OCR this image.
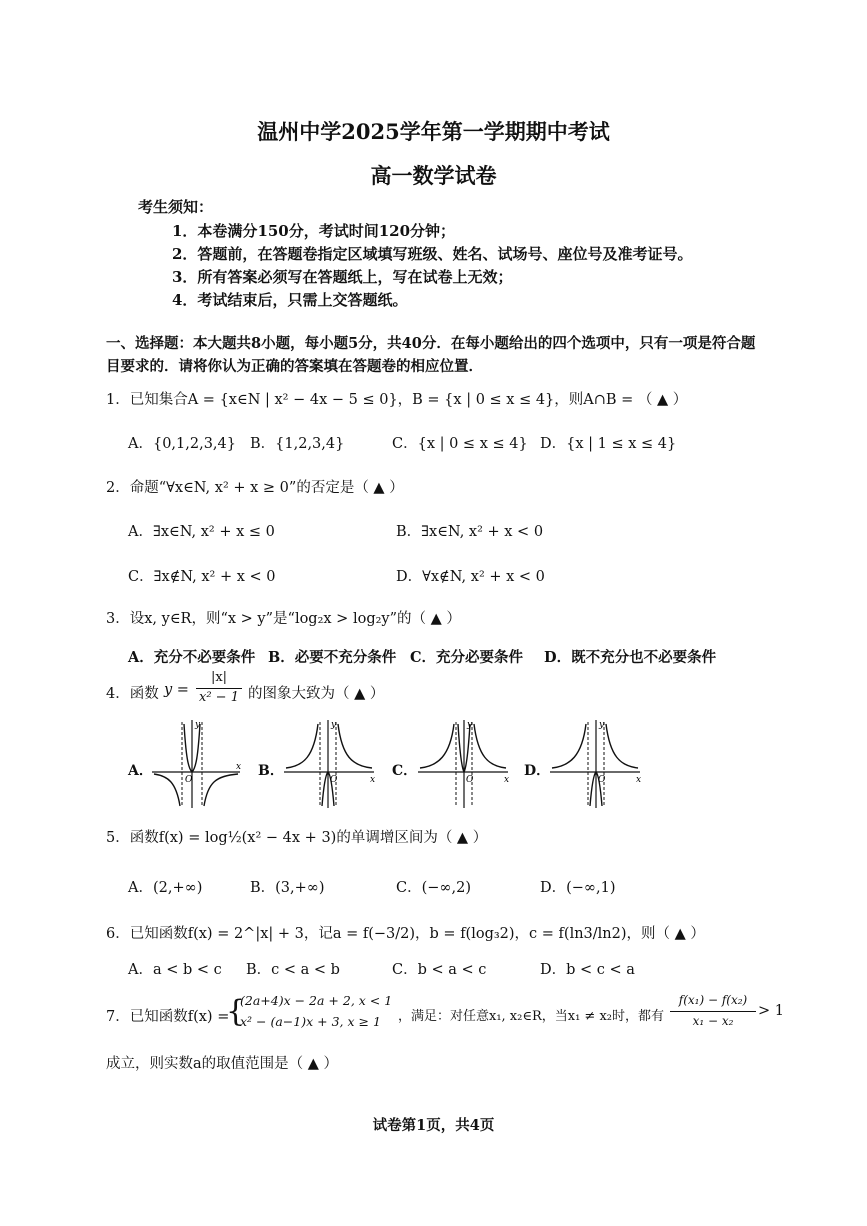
温州中学2025学年第一学期期中考试
高一数学试卷
考生须知：
1．本卷满分150分，考试时间120分钟；
2．答题前，在答题卷指定区域填写班级、姓名、试场号、座位号及准考证号。
3．所有答案必须写在答题纸上，写在试卷上无效；
4．考试结束后，只需上交答题纸。
一、选择题：本大题共8小题，每小题5分，共40分．在每小题给出的四个选项中，只有一项是符合题
目要求的．请将你认为正确的答案填在答题卷的相应位置．
1．已知集合A = {x∈N | x² − 4x − 5 ≤ 0}，B = {x | 0 ≤ x ≤ 4}，则A∩B = （ ▲ ）
A．{0,1,2,3,4} B．{1,2,3,4}	C．{x | 0 ≤ x ≤ 4} D．{x | 1 ≤ x ≤ 4}
2．命题“∀x∈N, x² + x ≥ 0”的否定是（ ▲ ）
A．∃x∈N, x² + x ≤ 0	B．∃x∈N, x² + x < 0
C．∃x∉N, x² + x < 0	D．∀x∉N, x² + x < 0
3．设x, y∈R，则“x > y”是“log₂x > log₂y”的（ ▲ ）
A．充分不必要条件 B．必要不充分条件 C．充分必要条件 D．既不充分也不必要条件
4．函数 y =
|x|
x² − 1 的图象大致为（ ▲ ）
A．	x
y
O
B．
x
y
O
C．
x
y
O
D．
x
y
O
5．函数f(x) = log½(x² − 4x + 3)的单调增区间为（ ▲ ）
A．(2,+∞)	B．(3,+∞)	C．(−∞,2)	D．(−∞,1)
6．已知函数f(x) = 2^|x| + 3，记a = f(−3/2)，b = f(log₃2)，c = f(ln3/ln2)，则（ ▲ ）
A．a < b < c B．c < a < b	C．b < a < c	D．b < c < a
7．已知函数f(x) =
{
(2a+4)x − 2a + 2, x < 1
x² − (a−1)x + 3, x ≥ 1 ，满足：对任意x₁, x₂∈R，当x₁ ≠ x₂时，都有
f(x₁) − f(x₂)
x₁ − x₂
> 1
成立，则实数a的取值范围是（ ▲ ）
试卷第1页，共4页
